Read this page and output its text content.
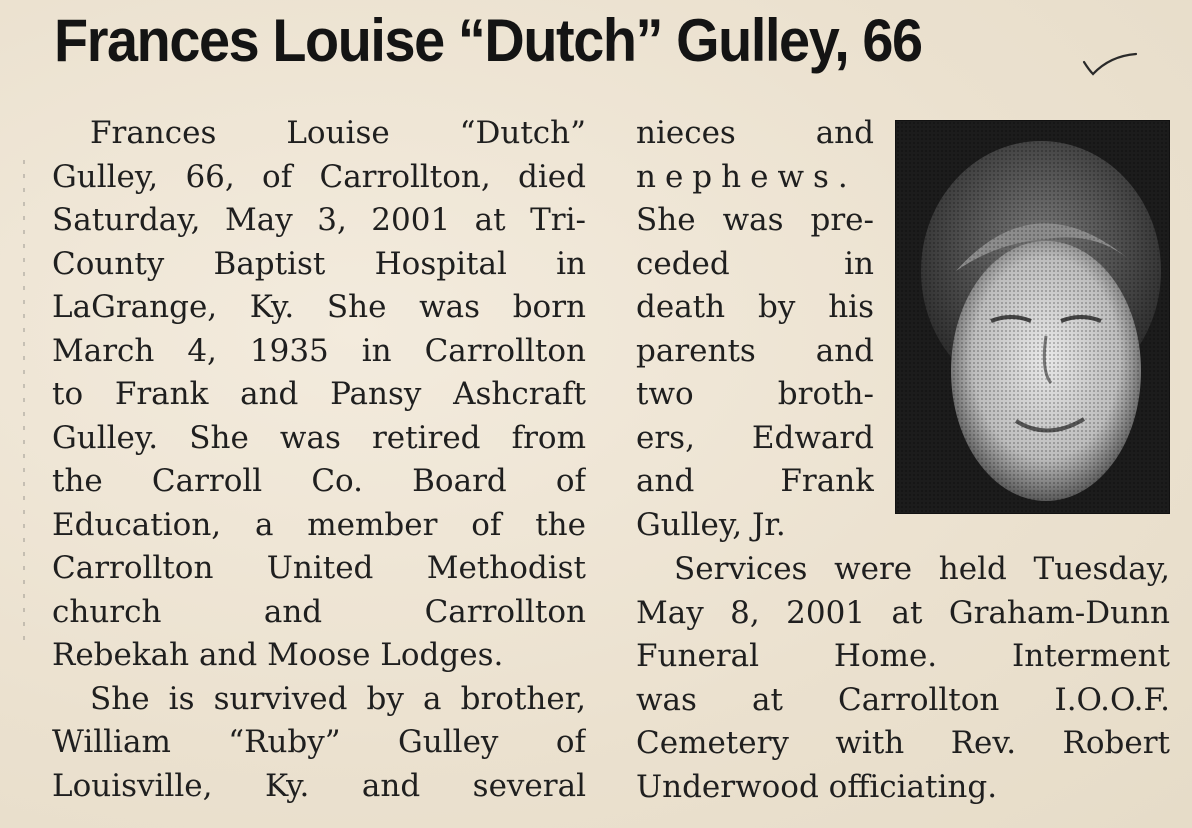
Frances Louise “Dutch” Gulley, 66
Frances Louise “Dutch”
Gulley, 66, of Carrollton, died
Saturday, May 3, 2001 at Tri-
County Baptist Hospital in
LaGrange, Ky. She was born
March 4, 1935 in Carrollton
to Frank and Pansy Ashcraft
Gulley. She was retired from
the Carroll Co. Board of
Education, a member of the
Carrollton United Methodist
church and Carrollton
Rebekah and Moose Lodges.
She is survived by a brother,
William “Ruby” Gulley of
Louisville, Ky. and several
nieces and
nephews.
She was pre-
ceded in
death by his
parents and
two broth-
ers, Edward
and Frank
Gulley, Jr.
Services were held Tuesday,
May 8, 2001 at Graham-Dunn
Funeral Home. Interment
was at Carrollton I.O.O.F.
Cemetery with Rev. Robert
Underwood officiating.
